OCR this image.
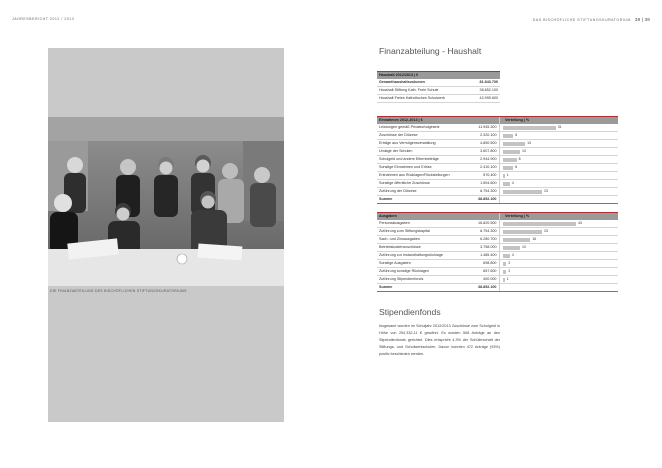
JAHRESBERICHT 2012 / 2013	DAS BISCHÖFLICHE STIFTUNGSKURATORIUM 38 | 39
DIE FINANZABTEILUNG DES BISCHÖFLICHEN STIFTUNGSKURATORIUMS
Finanzabteilung - Haushalt
Haushalt 2012/2013 | €	
Gesamthaushaltsvolumen	81.843.700
Haushalt Stiftung Kath. Freie Schule	38.852.100
Haushalt Freies Katholisches Schulwerk	42.995.600
Einnahmen 2012-2013 | €			Verteilung | %
Leistungen gemäß Privatschulgesetz	11.945.300		31

Zuschüsse der Diözese	2.320.100		6

Erträge aus Vermögensverwaltung	4.850.500		13

Umlage der Schulen	3.607.800		10

Schulgeld und andere Elternbeiträge	2.944.900		8

Sonstige Einnahmen und Erlöse	2.410.100		6

Entnahmen aus Rücklagen/Rückstellungen	570.400		1

Sonstige öffentliche Zuschüsse	1.504.600		4

Zuführung der Diözese	8.754.300		23

Summe	38.852.100		
Ausgaben			Verteilung | %
Personalausgaben	16.820.500		43

Zuführung zum Stiftungskapital	8.754.300		23

Sach- und Zinsausgaben	6.280.700		16

Betriebskostenzuschüsse	3.758.000		10

Zuführung zur Instandhaltungsrücklage	1.485.400		4

Sonstige Ausgaben	698.800		2

Zuführung sonstige Rücklagen	657.600		2

Zuführung Stipendienfonds	400.000		1

Summe	38.852.100		
Stipendienfonds
Insgesamt wurden im Schuljahr 2012/2013 Zuschüsse zum Schulgeld in Höhe von 254.332,11 € gewährt. Es wurden 508 Anträge an den Stipendienfonds gerichtet. Dies entspricht 4,3% der Schülerschaft der Stiftungs- und Schulwerkschulen. Davon konnten 472 Anträge (93%) positiv beschieden werden.
